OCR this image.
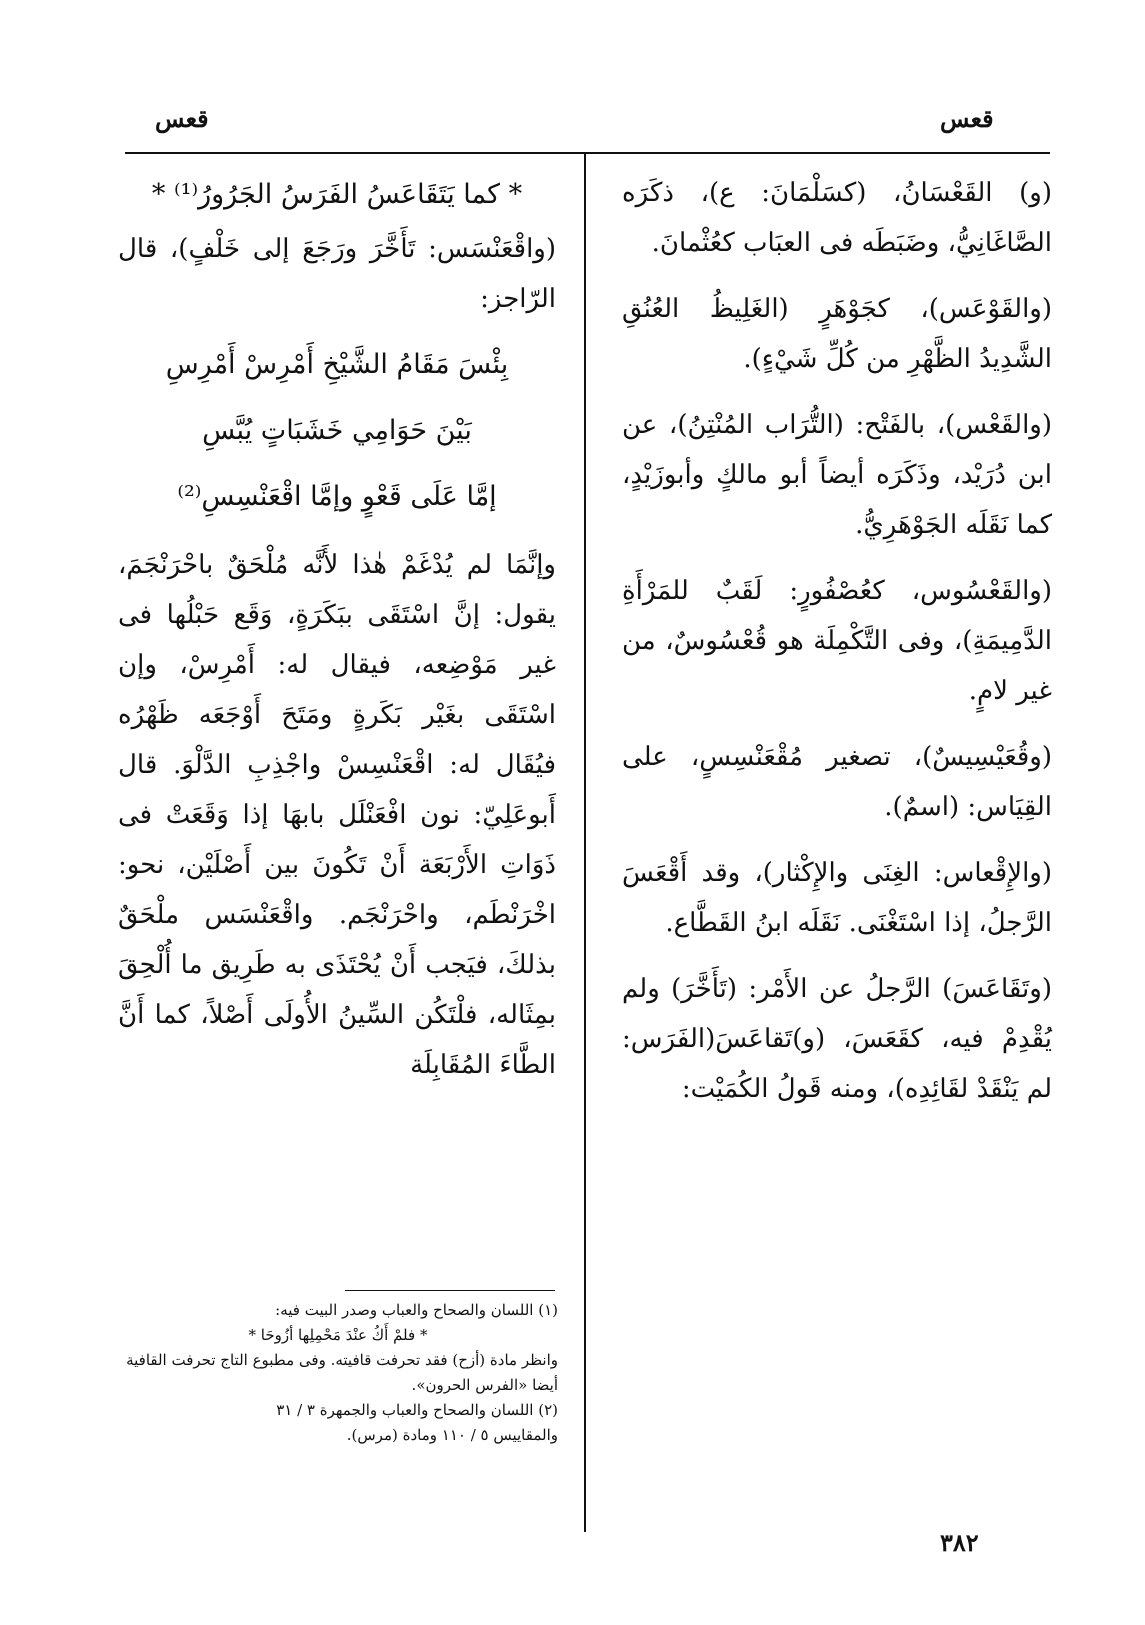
قعس
قعس

(و) القَعْسَانُ، (كسَلْمَانَ: ع)، ذكَرَه الصَّاغَانِيُّ، وضَبَطَه فى العبَاب كعُثْمانَ.

(والقَوْعَس)، كجَوْهَرٍ (الغَلِيظُ العُنُقِ الشَّدِيدُ الظَّهْرِ من كُلِّ شَيْءٍ).

(والقَعْس)، بالفَتْح: (التُّرَاب المُنْتِنُ)، عن ابن دُرَيْد، وذَكَرَه أيضاً أبو مالكٍ وأبوزَيْدٍ، كما نَقَلَه الجَوْهَرِيُّ.

(والقَعْسُوس، كعُصْفُورٍ: لَقَبٌ للمَرْأَةِ الدَّمِيمَةِ)، وفى التَّكْمِلَة هو قُعْسُوسٌ، من غير لامٍ.

(وقُعَيْسِيسٌ)، تصغير مُقْعَنْسِسٍ، على القِيَاس: (اسمٌ).

(والإِقْعاس: الغِنَى والإِكْثار)، وقد أَقْعَسَ الرَّجلُ، إذا اسْتَغْنَى. نَقَلَه ابنُ القَطَّاع.

(وتَقَاعَسَ) الرَّجلُ عن الأَمْر: (تَأَخَّرَ) ولم يُقْدِمْ فيه، كقَعَسَ، (و)تَقاعَسَ(الفَرَس: لم يَنْقَدْ لقَائِدِه)، ومنه قَولُ الكُمَيْت:

* كما يَتَقَاعَسُ الفَرَسُ الجَرُورُ⁽¹⁾ *

(واقْعَنْسَس: تَأَخَّرَ ورَجَعَ إلى خَلْفٍ)، قال الرّاجز:

بِئْسَ مَقَامُ الشَّيْخِ أَمْرِسْ أَمْرِسِ

بَيْنَ حَوَامِي خَشَبَاتٍ يُبَّسِ

إمَّا عَلَى قَعْوٍ وإمَّا اقْعَنْسِسِ⁽²⁾

وإنَّمَا لم يُدْغَمْ هٰذا لأَنَّه مُلْحَقٌ باحْرَنْجَمَ، يقول: إنَّ اسْتَقَى ببَكَرَةٍ، وَقَع حَبْلُها فى غير مَوْضِعه، فيقال له: أَمْرِسْ، وإن اسْتَقَى بغَيْر بَكَرةٍ ومَتَحَ أَوْجَعَه ظَهْرُه فيُقَال له: اقْعَنْسِسْ واجْذِبِ الدَّلْوَ. قال أَبوعَلِيّ: نون افْعَنْلَل بابهَا إذا وَقَعَتْ فى ذَوَاتِ الأَرْبَعَة أَنْ تَكُونَ بين أَصْلَيْن، نحو: اخْرَنْطَم، واحْرَنْجَم. واقْعَنْسَس ملْحَقٌ بذلكَ، فيَجب أَنْ يُحْتَذَى به طَرِيق ما أُلْحِقَ بمِثَاله، فلْتَكُن السِّينُ الأُولَى أَصْلاً، كما أَنَّ الطَّاءَ المُقَابِلَة

(١) اللسان والصحاح والعباب وصدر البيت فيه:

* فلمْ أَكُ عنْدَ مَحْمِلِها أزُوحَا *

وانظر مادة (أزح) فقد تحرفت قافيته. وفى مطبوع التاج تحرفت القافية أيضا «الفرس الحرون».

(٢) اللسان والصحاح والعباب والجمهرة ٣ / ٣١

والمقاييس ٥ / ١١٠ ومادة (مرس).

٣٨٢
